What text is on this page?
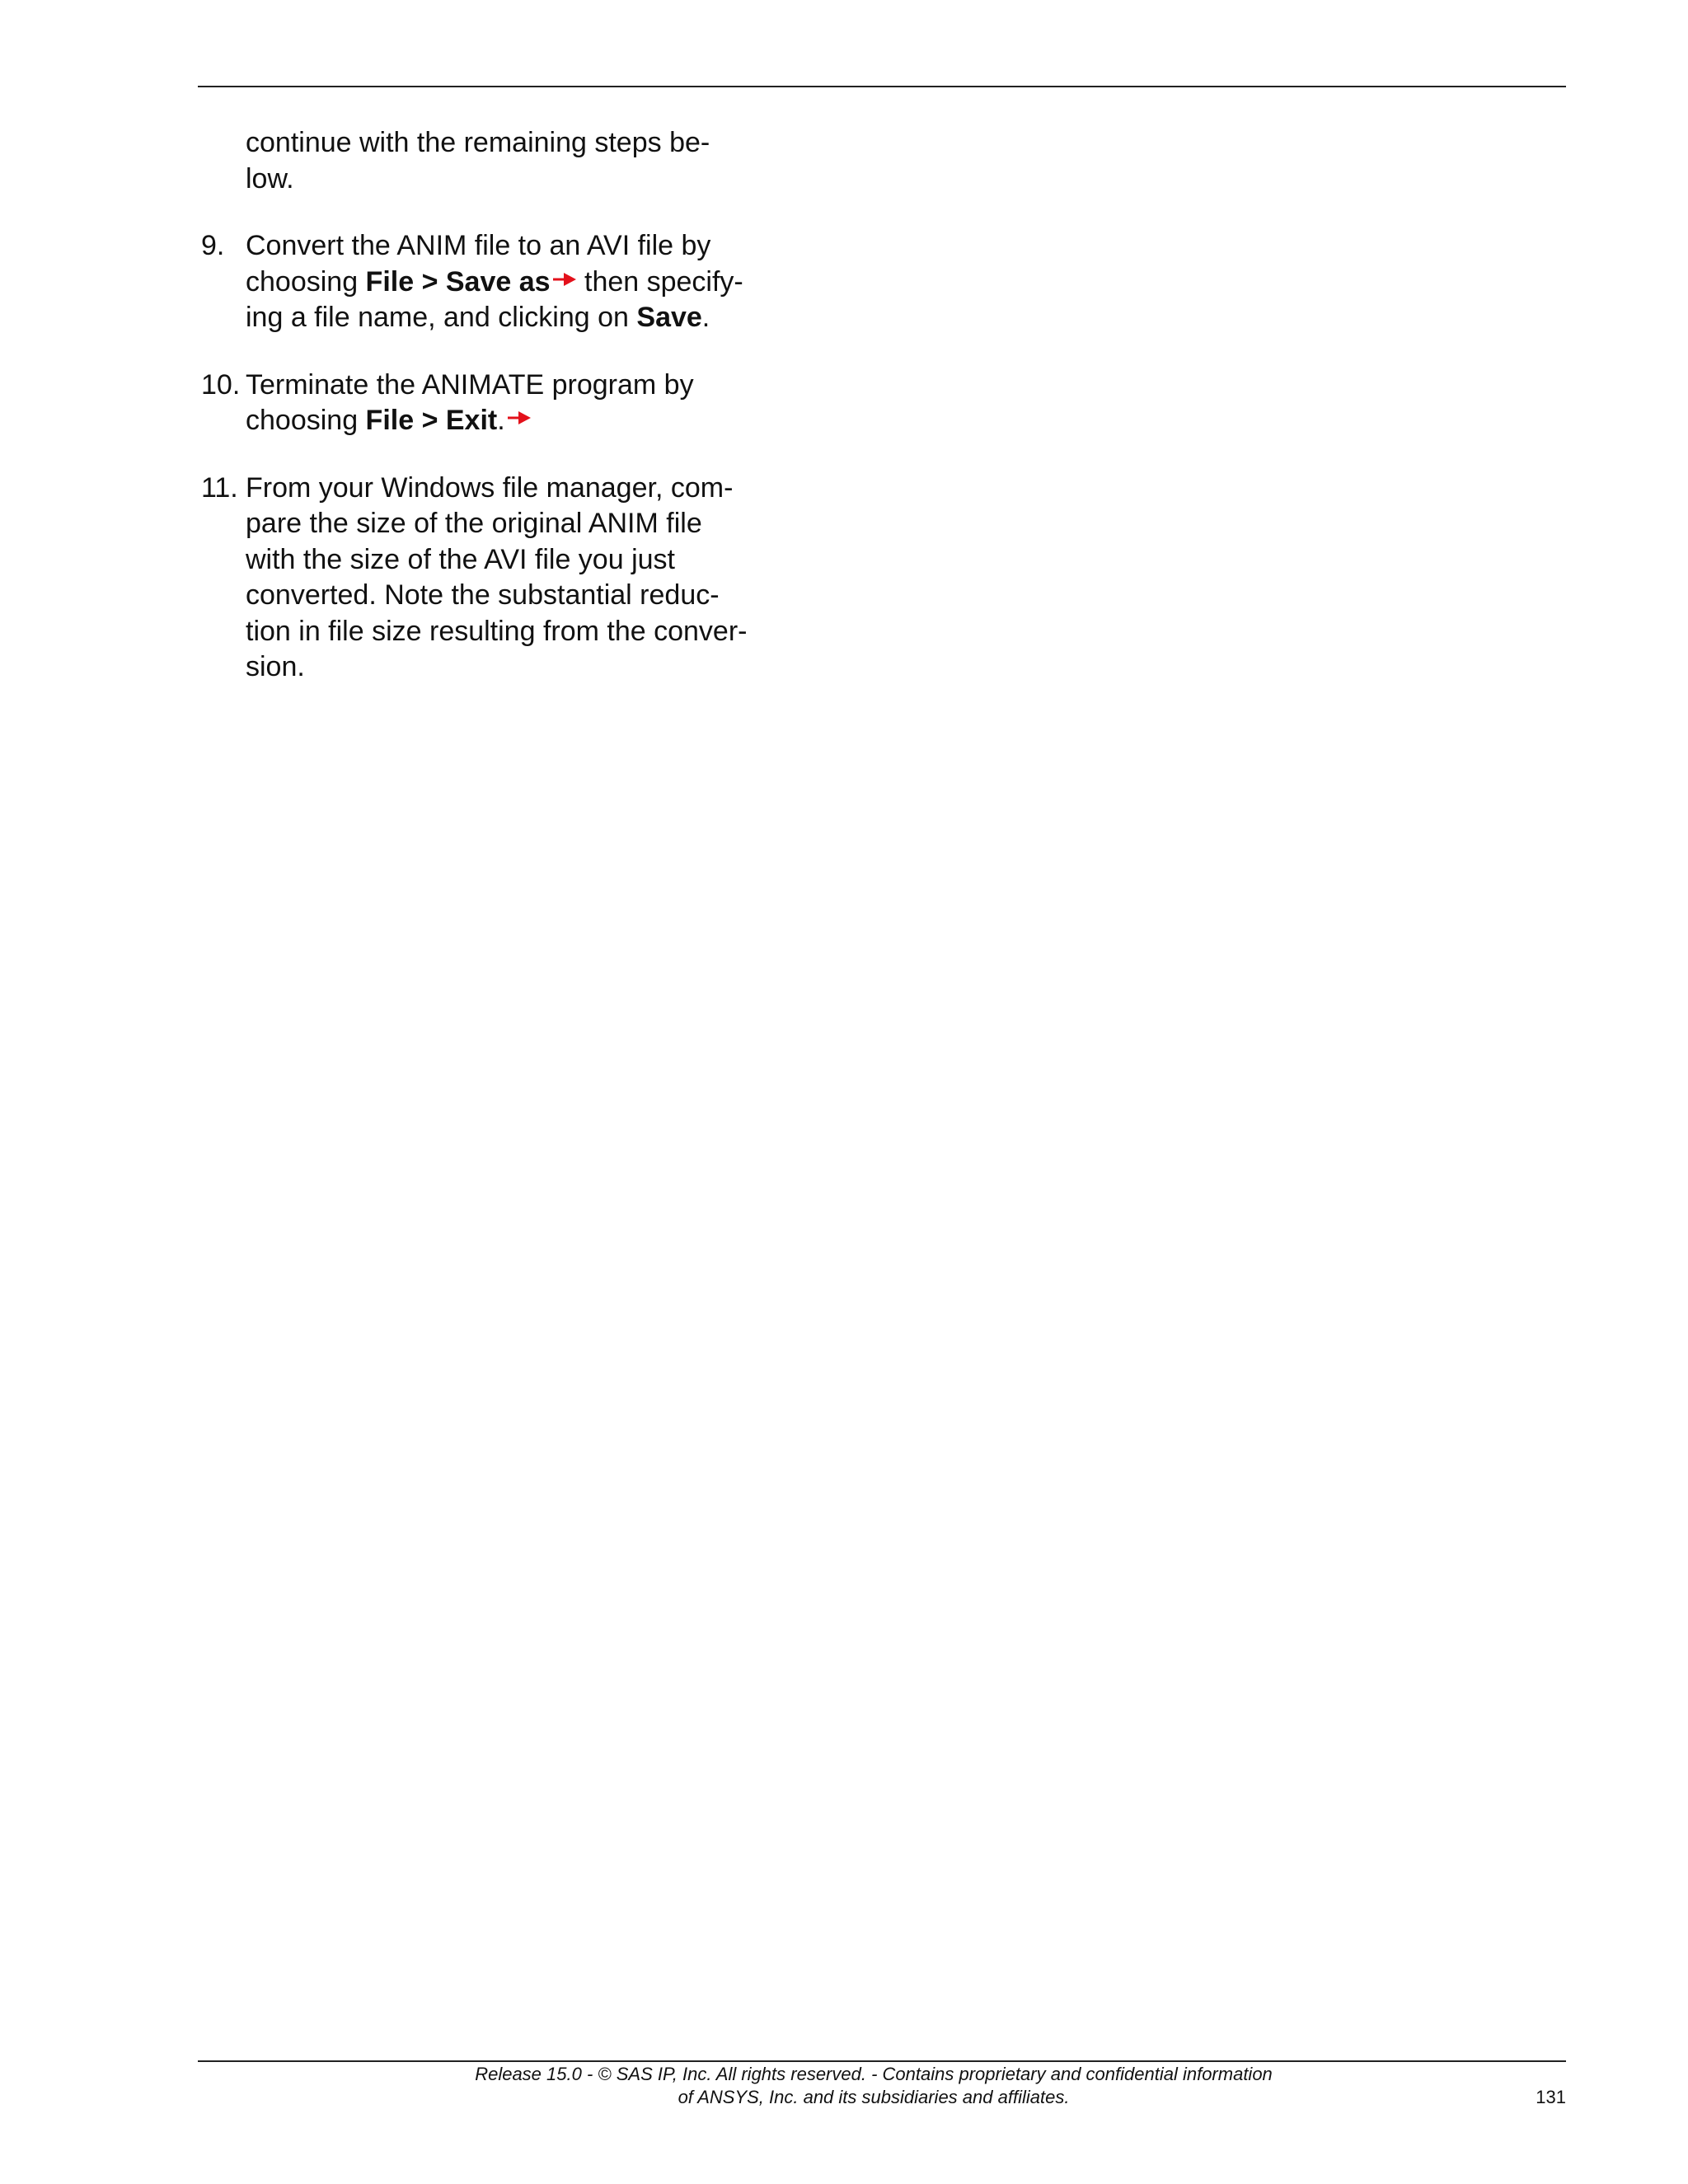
continue with the remaining steps be-
low.
9. Convert the ANIM file to an AVI file by
choosing File > Save as
then specify-
ing a file name, and clicking on Save.
10. Terminate the ANIMATE program by
choosing File > Exit.
11. From your Windows file manager, com-
pare the size of the original ANIM file
with the size of the AVI file you just
converted. Note the substantial reduc-
tion in file size resulting from the conver-
sion.
Release 15.0 - © SAS IP, Inc. All rights reserved. - Contains proprietary and confidential information
of ANSYS, Inc. and its subsidiaries and affiliates.	131
